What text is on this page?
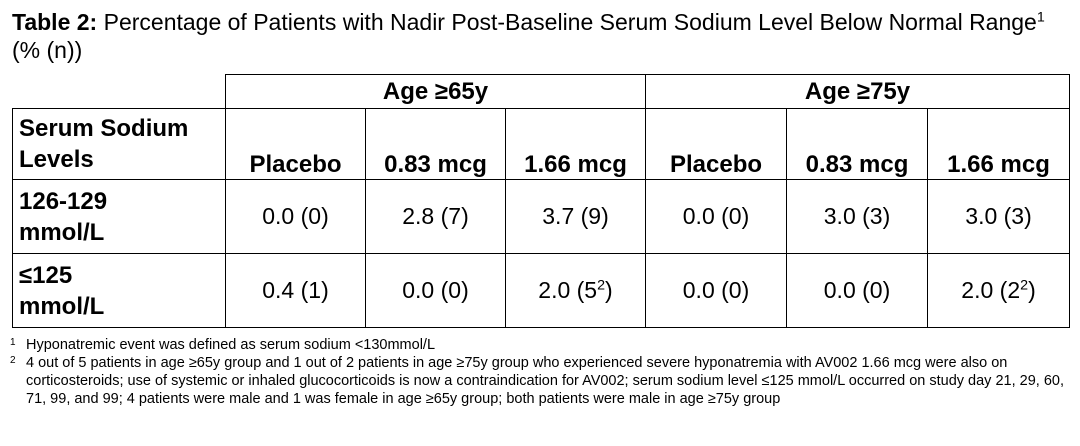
Table 2: Percentage of Patients with Nadir Post-Baseline Serum Sodium Level Below Normal Range$^1$ (% (n))
	Age ≥65y			Age ≥75y		
Serum Sodium
Levels	Placebo	0.83 mcg	1.66 mcg	Placebo	0.83 mcg	1.66 mcg
126-129
mmol/L	0.0 (0)	2.8 (7)	3.7 (9)	0.0 (0)	3.0 (3)	3.0 (3)
≤125
mmol/L	0.4 (1)	0.0 (0)	2.0 $(5^2)$	0.0 (0)	0.0 (0)	2.0 $(2^2)$
1 Hyponatremic event was defined as serum sodium <130mmol/L
2 4 out of 5 patients in age ≥65y group and 1 out of 2 patients in age ≥75y group who experienced severe hyponatremia with AV002 1.66 mcg were also on corticosteroids; use of systemic or inhaled glucocorticoids is now a contraindication for AV002; serum sodium level ≤125 mmol/L occurred on study day 21, 29, 60, 71, 99, and 99; 4 patients were male and 1 was female in age ≥65y group; both patients were male in age ≥75y group
